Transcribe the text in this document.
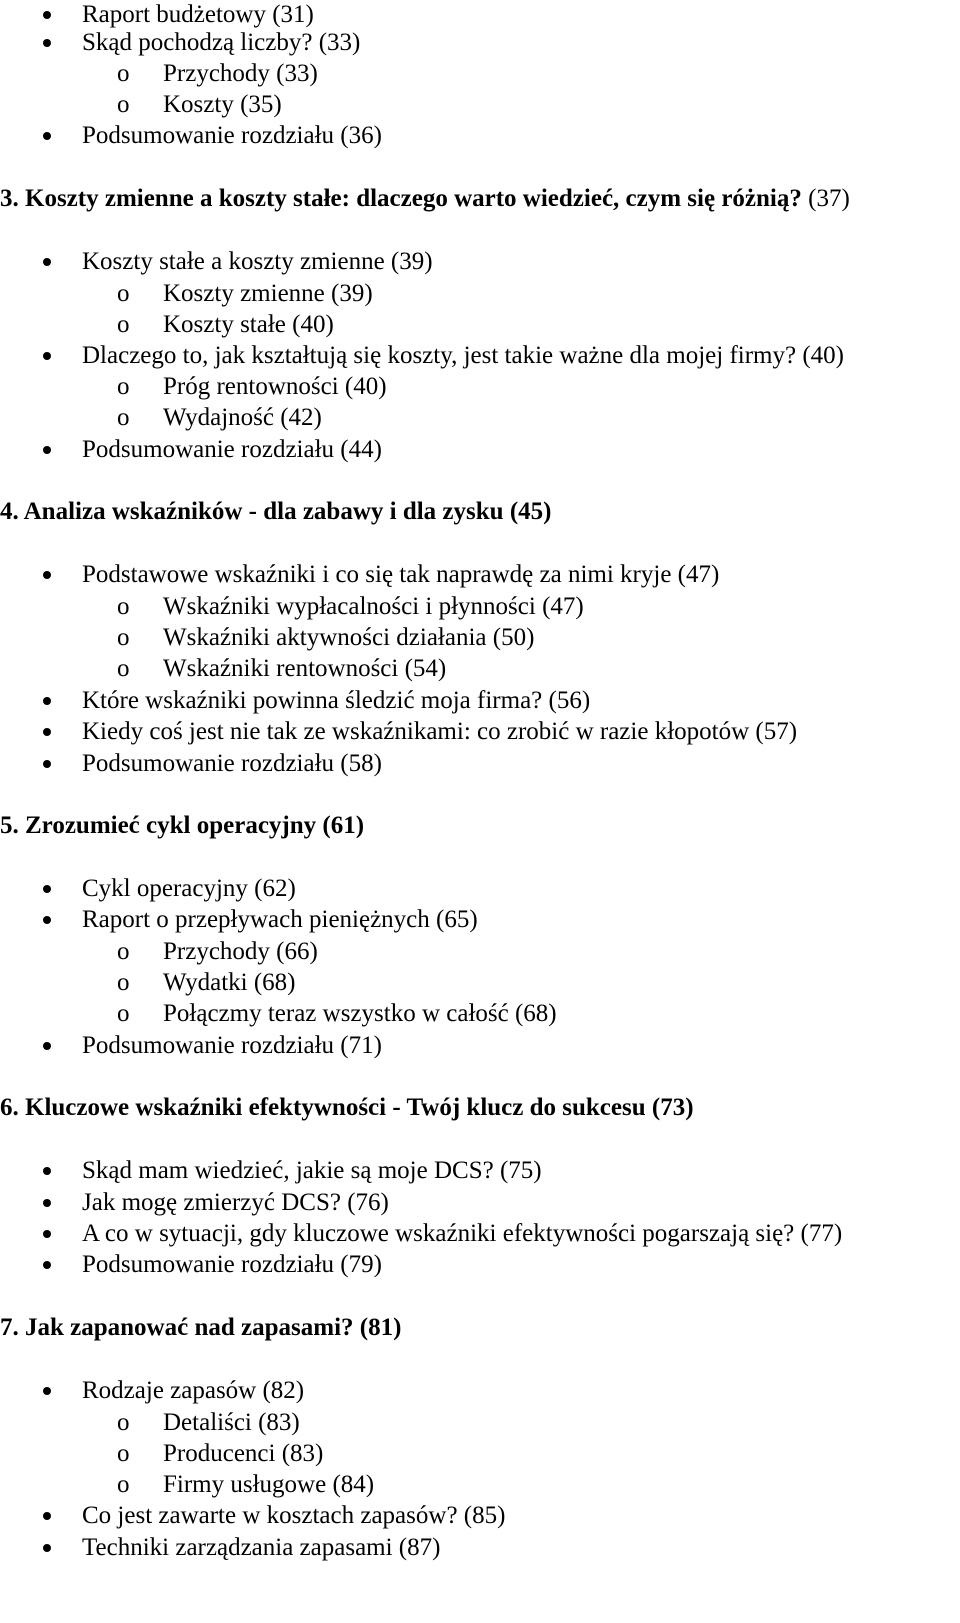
Raport budżetowy (31)
Skąd pochodzą liczby? (33)
o Przychody (33)
o Koszty (35)
Podsumowanie rozdziału (36)
3. Koszty zmienne a koszty stałe: dlaczego warto wiedzieć, czym się różnią? (37)
Koszty stałe a koszty zmienne (39)
o Koszty zmienne (39)
o Koszty stałe (40)
Dlaczego to, jak kształtują się koszty, jest takie ważne dla mojej firmy? (40)
o Próg rentowności (40)
o Wydajność (42)
Podsumowanie rozdziału (44)
4. Analiza wskaźników - dla zabawy i dla zysku (45)
Podstawowe wskaźniki i co się tak naprawdę za nimi kryje (47)
o Wskaźniki wypłacalności i płynności (47)
o Wskaźniki aktywności działania (50)
o Wskaźniki rentowności (54)
Które wskaźniki powinna śledzić moja firma? (56)
Kiedy coś jest nie tak ze wskaźnikami: co zrobić w razie kłopotów (57)
Podsumowanie rozdziału (58)
5. Zrozumieć cykl operacyjny (61)
Cykl operacyjny (62)
Raport o przepływach pieniężnych (65)
o Przychody (66)
o Wydatki (68)
o Połączmy teraz wszystko w całość (68)
Podsumowanie rozdziału (71)
6. Kluczowe wskaźniki efektywności - Twój klucz do sukcesu (73)
Skąd mam wiedzieć, jakie są moje DCS? (75)
Jak mogę zmierzyć DCS? (76)
A co w sytuacji, gdy kluczowe wskaźniki efektywności pogarszają się? (77)
Podsumowanie rozdziału (79)
7. Jak zapanować nad zapasami? (81)
Rodzaje zapasów (82)
o Detaliści (83)
o Producenci (83)
o Firmy usługowe (84)
Co jest zawarte w kosztach zapasów? (85)
Techniki zarządzania zapasami (87)
